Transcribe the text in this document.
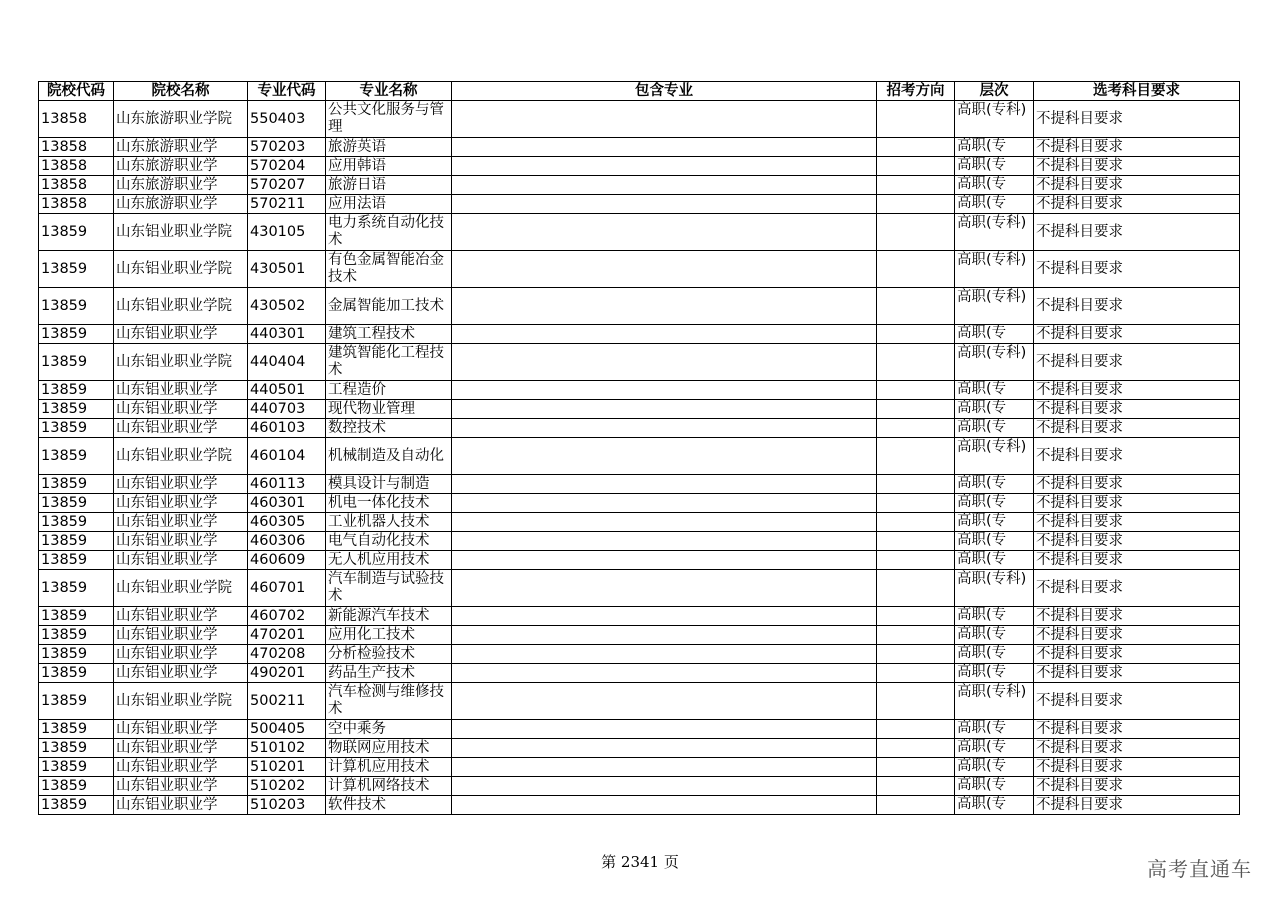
院校代码	院校名称	专业代码	专业名称	包含专业	招考方向	层次	选考科目要求
13858	山东旅游职业学院	550403	公共文化服务与管理			高职(专科)	不提科目要求
13858	山东旅游职业学	570203	旅游英语			高职(专	不提科目要求
13858	山东旅游职业学	570204	应用韩语			高职(专	不提科目要求
13858	山东旅游职业学	570207	旅游日语			高职(专	不提科目要求
13858	山东旅游职业学	570211	应用法语			高职(专	不提科目要求
13859	山东铝业职业学院	430105	电力系统自动化技术			高职(专科)	不提科目要求
13859	山东铝业职业学院	430501	有色金属智能冶金技术			高职(专科)	不提科目要求
13859	山东铝业职业学院	430502	金属智能加工技术			高职(专科)	不提科目要求
13859	山东铝业职业学	440301	建筑工程技术			高职(专	不提科目要求
13859	山东铝业职业学院	440404	建筑智能化工程技术			高职(专科)	不提科目要求
13859	山东铝业职业学	440501	工程造价			高职(专	不提科目要求
13859	山东铝业职业学	440703	现代物业管理			高职(专	不提科目要求
13859	山东铝业职业学	460103	数控技术			高职(专	不提科目要求
13859	山东铝业职业学院	460104	机械制造及自动化			高职(专科)	不提科目要求
13859	山东铝业职业学	460113	模具设计与制造			高职(专	不提科目要求
13859	山东铝业职业学	460301	机电一体化技术			高职(专	不提科目要求
13859	山东铝业职业学	460305	工业机器人技术			高职(专	不提科目要求
13859	山东铝业职业学	460306	电气自动化技术			高职(专	不提科目要求
13859	山东铝业职业学	460609	无人机应用技术			高职(专	不提科目要求
13859	山东铝业职业学院	460701	汽车制造与试验技术			高职(专科)	不提科目要求
13859	山东铝业职业学	460702	新能源汽车技术			高职(专	不提科目要求
13859	山东铝业职业学	470201	应用化工技术			高职(专	不提科目要求
13859	山东铝业职业学	470208	分析检验技术			高职(专	不提科目要求
13859	山东铝业职业学	490201	药品生产技术			高职(专	不提科目要求
13859	山东铝业职业学院	500211	汽车检测与维修技术			高职(专科)	不提科目要求
13859	山东铝业职业学	500405	空中乘务			高职(专	不提科目要求
13859	山东铝业职业学	510102	物联网应用技术			高职(专	不提科目要求
13859	山东铝业职业学	510201	计算机应用技术			高职(专	不提科目要求
13859	山东铝业职业学	510202	计算机网络技术			高职(专	不提科目要求
13859	山东铝业职业学	510203	软件技术			高职(专	不提科目要求
第 2341 页	高考直通车
